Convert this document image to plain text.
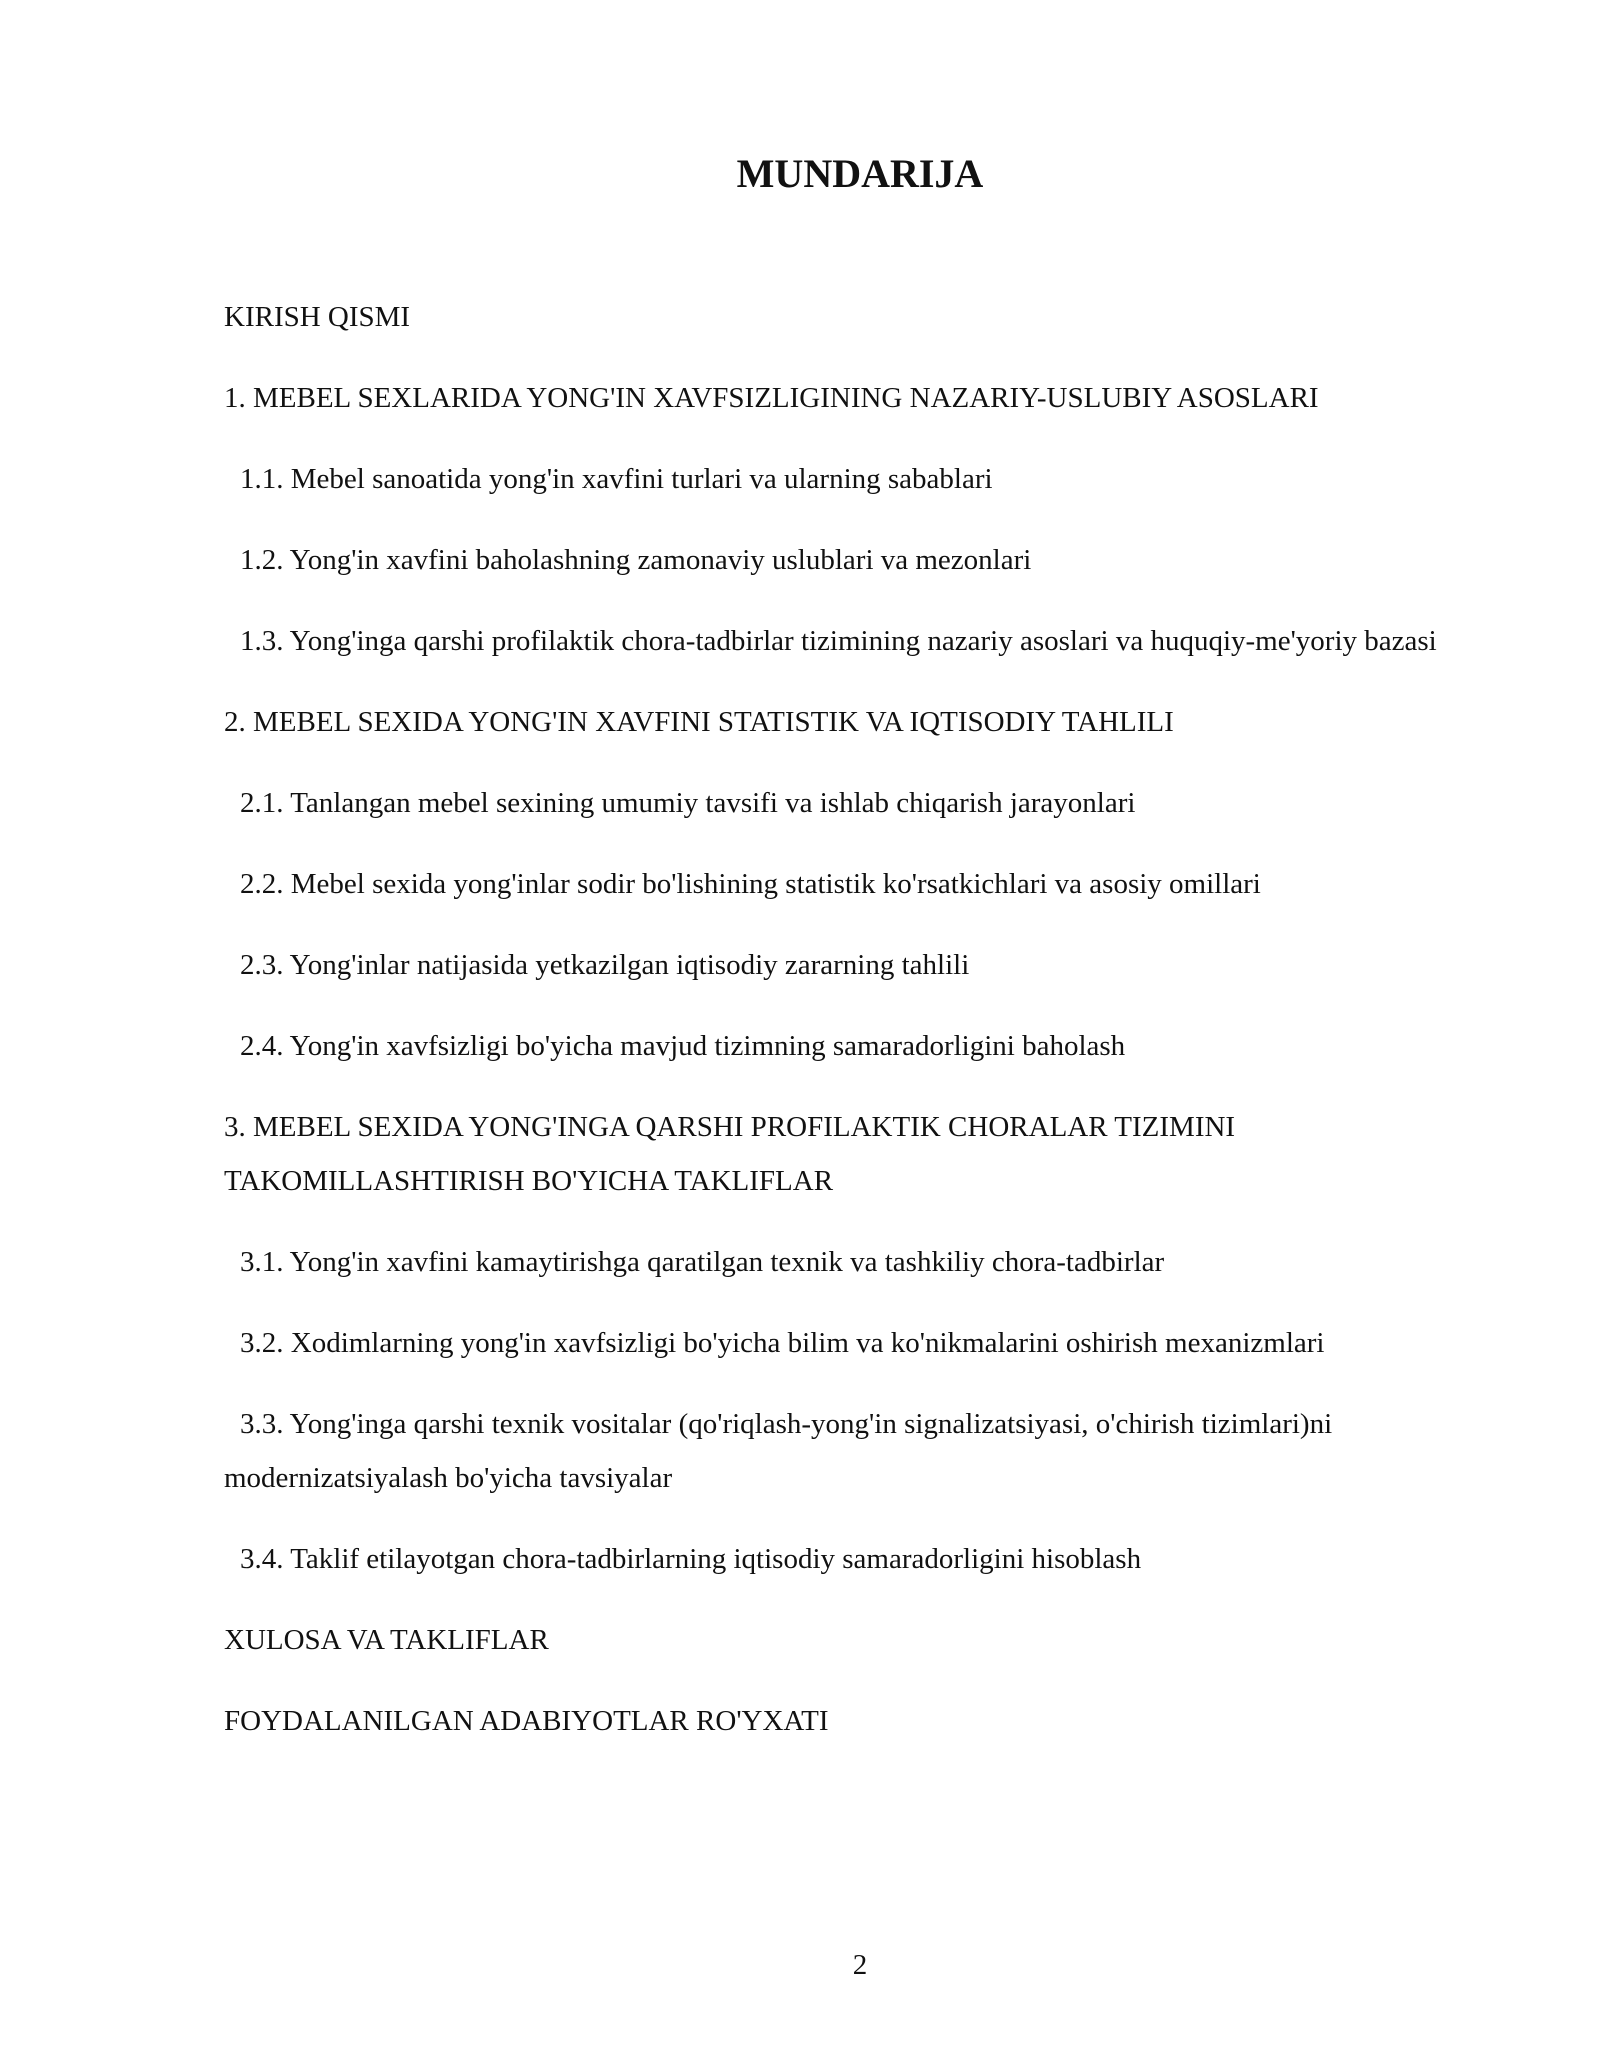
MUNDARIJA
KIRISH QISMI
1. MEBEL SEXLARIDA YONG'IN XAVFSIZLIGINING NAZARIY-USLUBIY ASOSLARI
1.1. Mebel sanoatida yong'in xavfini turlari va ularning sabablari
1.2. Yong'in xavfini baholashning zamonaviy uslublari va mezonlari
1.3. Yong'inga qarshi profilaktik chora-tadbirlar tizimining nazariy asoslari va huquqiy-me'yoriy bazasi
2. MEBEL SEXIDA YONG'IN XAVFINI STATISTIK VA IQTISODIY TAHLILI
2.1. Tanlangan mebel sexining umumiy tavsifi va ishlab chiqarish jarayonlari
2.2. Mebel sexida yong'inlar sodir bo'lishining statistik ko'rsatkichlari va asosiy omillari
2.3. Yong'inlar natijasida yetkazilgan iqtisodiy zararning tahlili
2.4. Yong'in xavfsizligi bo'yicha mavjud tizimning samaradorligini baholash
3. MEBEL SEXIDA YONG'INGA QARSHI PROFILAKTIK CHORALAR TIZIMINI TAKOMILLASHTIRISH BO'YICHA TAKLIFLAR
3.1. Yong'in xavfini kamaytirishga qaratilgan texnik va tashkiliy chora-tadbirlar
3.2. Xodimlarning yong'in xavfsizligi bo'yicha bilim va ko'nikmalarini oshirish mexanizmlari
3.3. Yong'inga qarshi texnik vositalar (qo'riqlash-yong'in signalizatsiyasi, o'chirish tizimlari)ni modernizatsiyalash bo'yicha tavsiyalar
3.4. Taklif etilayotgan chora-tadbirlarning iqtisodiy samaradorligini hisoblash
XULOSA VA TAKLIFLAR
FOYDALANILGAN ADABIYOTLAR RO'YXATI
2
